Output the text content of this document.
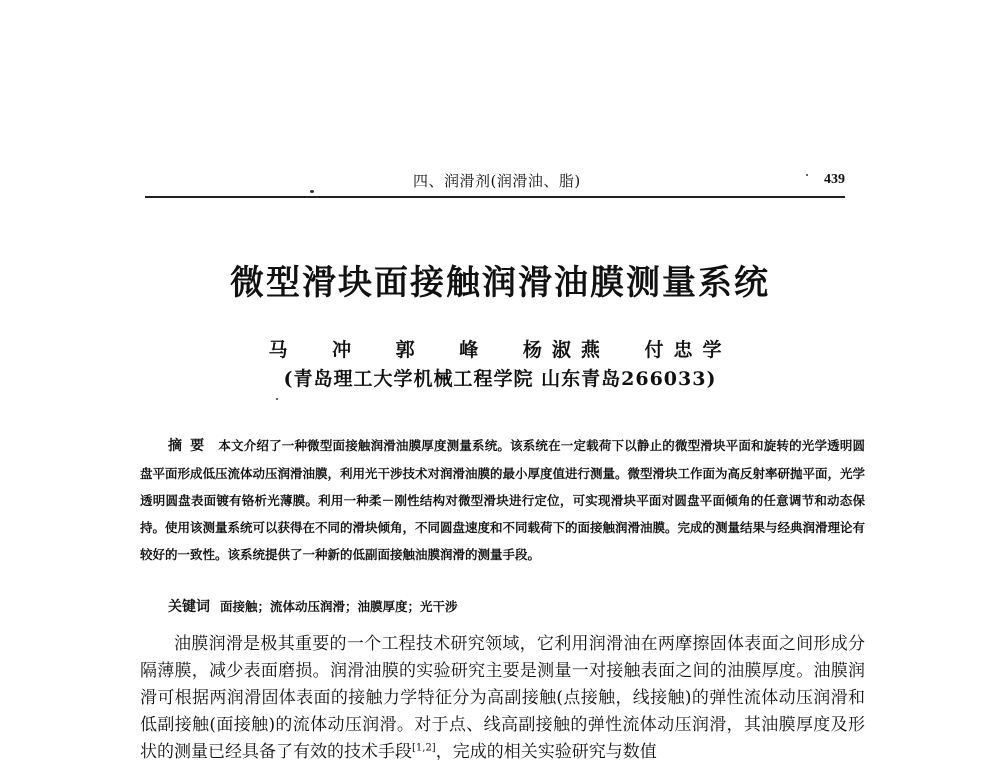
四、润滑剂(润滑油、脂)	439
微型滑块面接触润滑油膜测量系统
马 冲 郭 峰 杨淑燕 付忠学
(青岛理工大学机械工程学院 山东青岛266033)
摘要 本文介绍了一种微型面接触润滑油膜厚度测量系统。该系统在一定载荷下以静止的微型滑块平面和旋转的光学透明圆盘平面形成低压流体动压润滑油膜，利用光干涉技术对润滑油膜的最小厚度值进行测量。微型滑块工作面为高反射率研抛平面，光学透明圆盘表面镀有铬析光薄膜。利用一种柔－刚性结构对微型滑块进行定位，可实现滑块平面对圆盘平面倾角的任意调节和动态保持。使用该测量系统可以获得在不同的滑块倾角，不同圆盘速度和不同载荷下的面接触润滑油膜。完成的测量结果与经典润滑理论有较好的一致性。该系统提供了一种新的低副面接触油膜润滑的测量手段。
关键词 面接触；流体动压润滑；油膜厚度；光干涉
油膜润滑是极其重要的一个工程技术研究领域，它利用润滑油在两摩擦固体表面之间形成分隔薄膜，减少表面磨损。润滑油膜的实验研究主要是测量一对接触表面之间的油膜厚度。油膜润滑可根据两润滑固体表面的接触力学特征分为高副接触(点接触，线接触)的弹性流体动压润滑和低副接触(面接触)的流体动压润滑。对于点、线高副接触的弹性流体动压润滑，其油膜厚度及形状的测量已经具备了有效的技术手段[1,2]，完成的相关实验研究与数值
